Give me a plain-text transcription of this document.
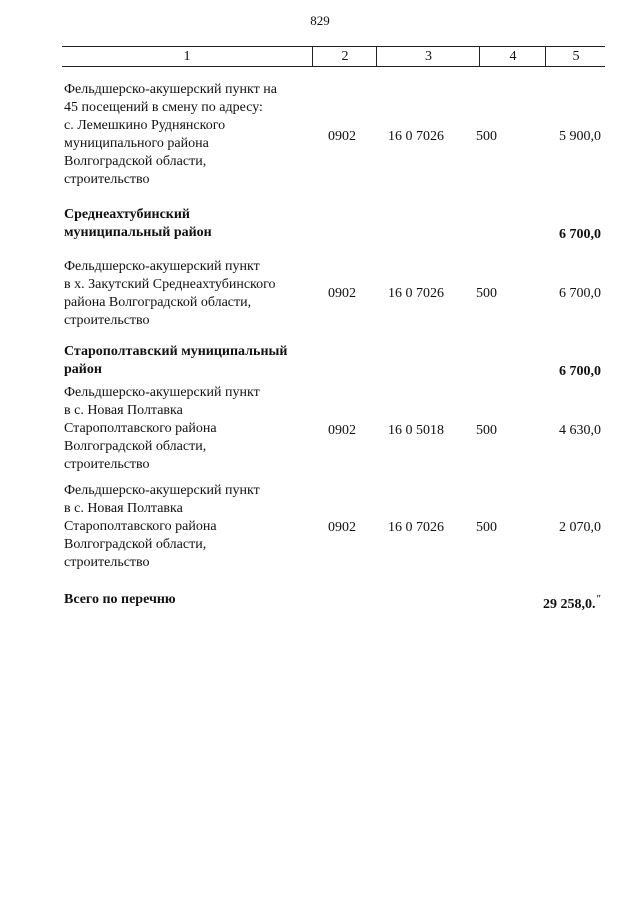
829
1	2	3	4	5
Фельдшерско-акушерский пункт на
45 посещений в смену по адресу:
с. Лемешкино Руднянского
муниципального района
Волгоградской области,
строительство
0902 16 0 7026 500	5 900,0
Среднеахтубинский
муниципальный район	6 700,0
Фельдшерско-акушерский пункт
в х. Закутский Среднеахтубинского
района Волгоградской области,
строительство
0902 16 0 7026 500	6 700,0
Старополтавский муниципальный
район	6 700,0
Фельдшерско-акушерский пункт
в с. Новая Полтавка
Старополтавского района
Волгоградской области,
строительство
0902 16 0 5018 500	4 630,0
Фельдшерско-акушерский пункт
в с. Новая Полтавка
Старополтавского района
Волгоградской области,
строительство
0902 16 0 7026 500	2 070,0
Всего по перечню	29 258,0."
